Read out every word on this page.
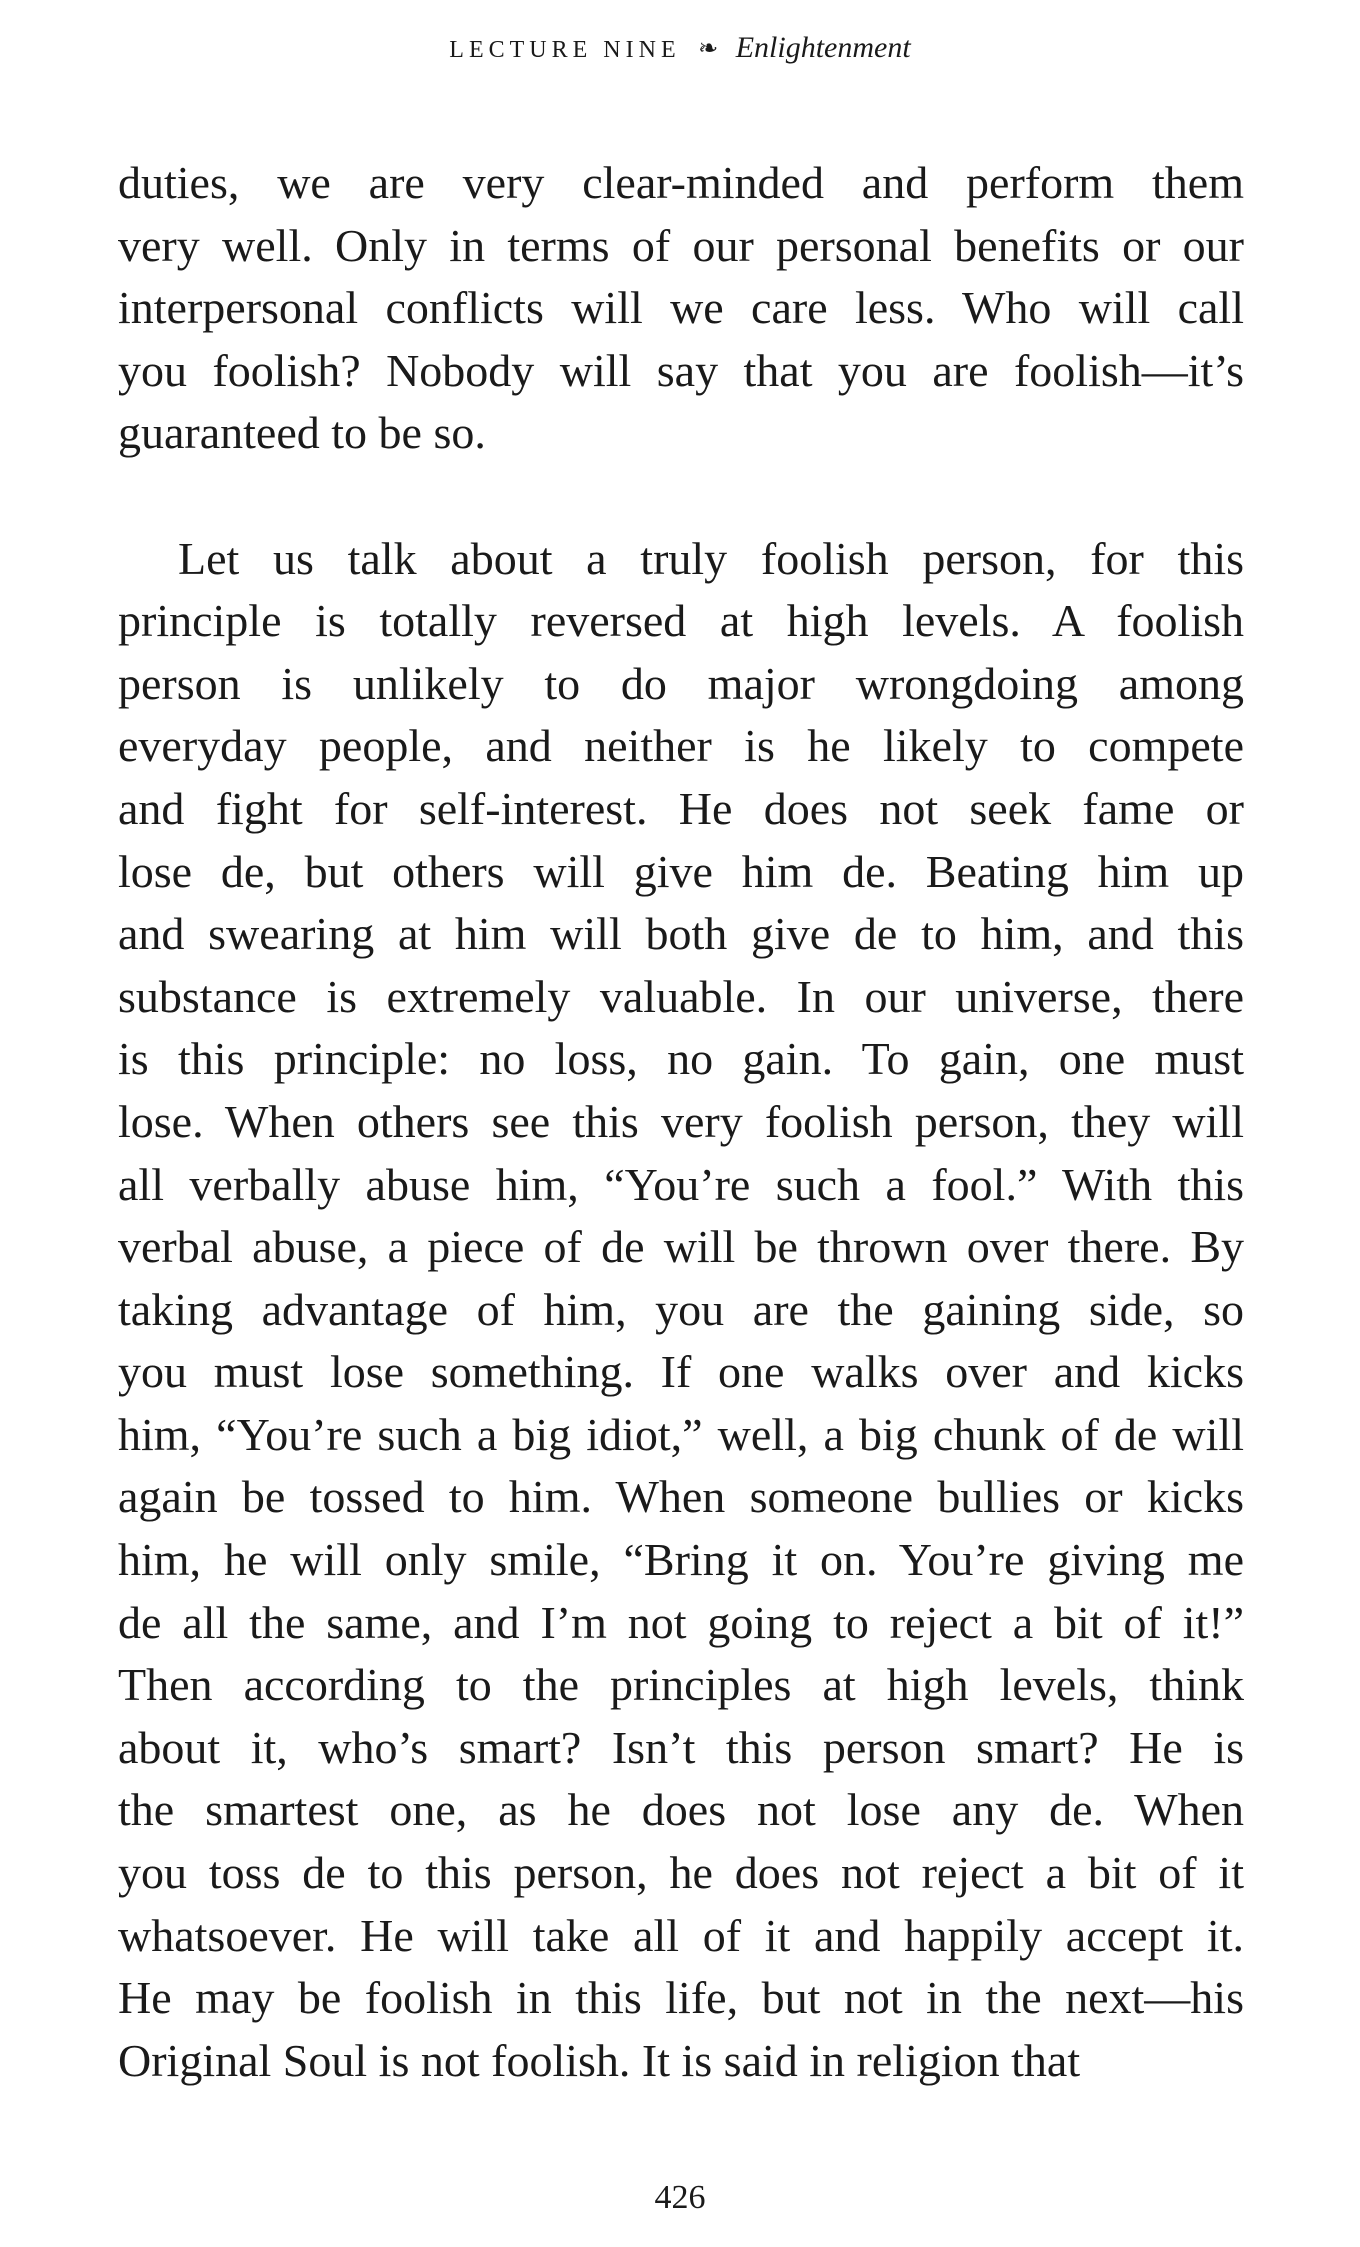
LECTURE NINE ❧ Enlightenment
duties, we are very clear-minded and perform them
very well. Only in terms of our personal benefits or our
interpersonal conflicts will we care less. Who will call
you foolish? Nobody will say that you are foolish—it’s
guaranteed to be so.
Let us talk about a truly foolish person, for this
principle is totally reversed at high levels. A foolish
person is unlikely to do major wrongdoing among
everyday people, and neither is he likely to compete
and fight for self-interest. He does not seek fame or
lose de, but others will give him de. Beating him up
and swearing at him will both give de to him, and this
substance is extremely valuable. In our universe, there
is this principle: no loss, no gain. To gain, one must
lose. When others see this very foolish person, they will
all verbally abuse him, “You’re such a fool.” With this
verbal abuse, a piece of de will be thrown over there. By
taking advantage of him, you are the gaining side, so
you must lose something. If one walks over and kicks
him, “You’re such a big idiot,” well, a big chunk of de will
again be tossed to him. When someone bullies or kicks
him, he will only smile, “Bring it on. You’re giving me
de all the same, and I’m not going to reject a bit of it!”
Then according to the principles at high levels, think
about it, who’s smart? Isn’t this person smart? He is
the smartest one, as he does not lose any de. When
you toss de to this person, he does not reject a bit of it
whatsoever. He will take all of it and happily accept it.
He may be foolish in this life, but not in the next—his
Original Soul is not foolish. It is said in religion that
426
